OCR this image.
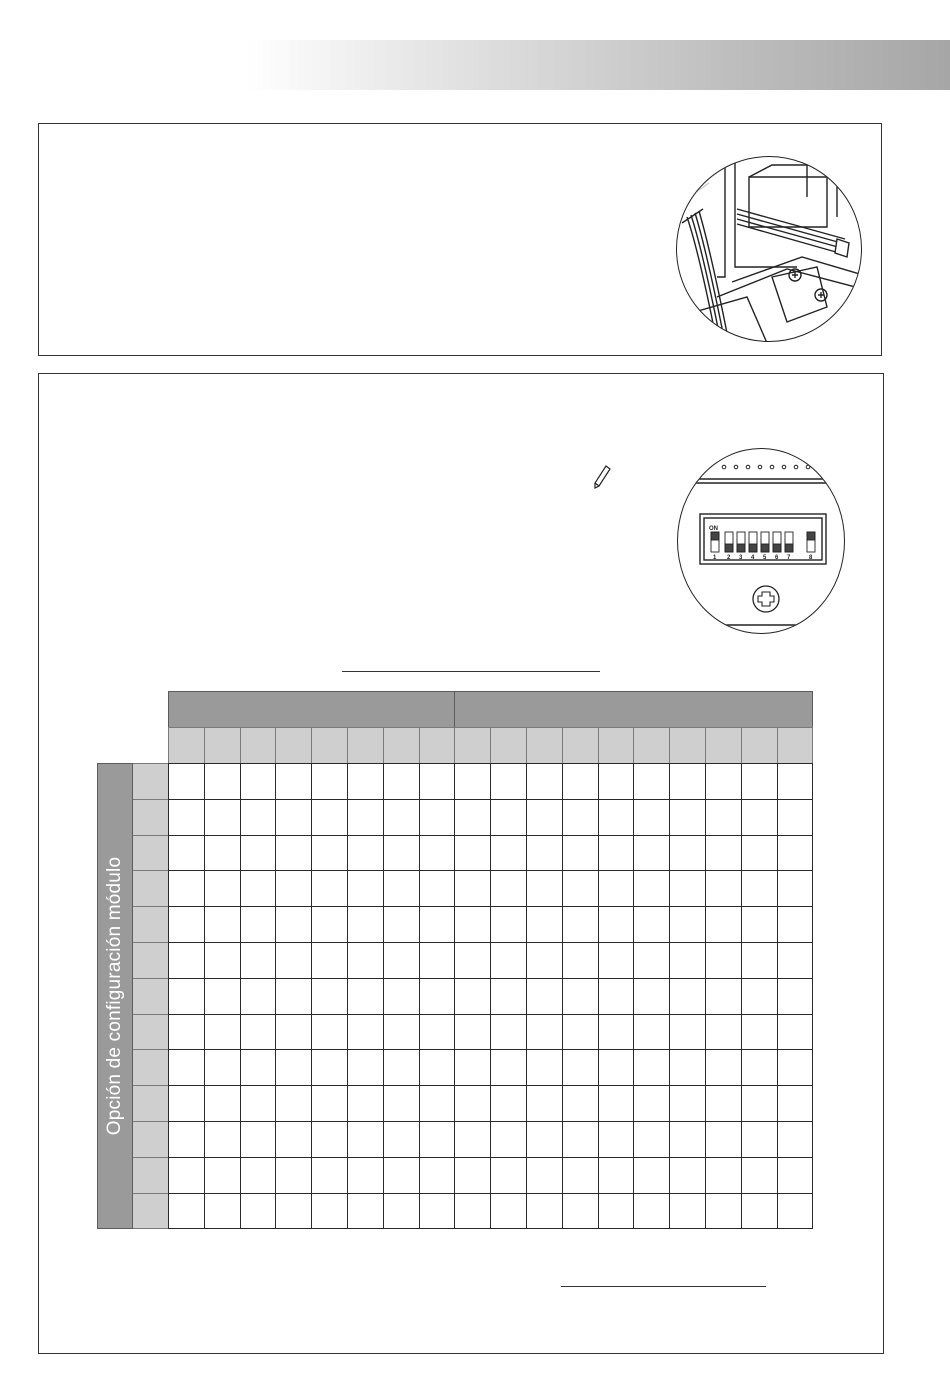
ON
1 2 3 4 5 6 7	8
Opción de configuración módulo
